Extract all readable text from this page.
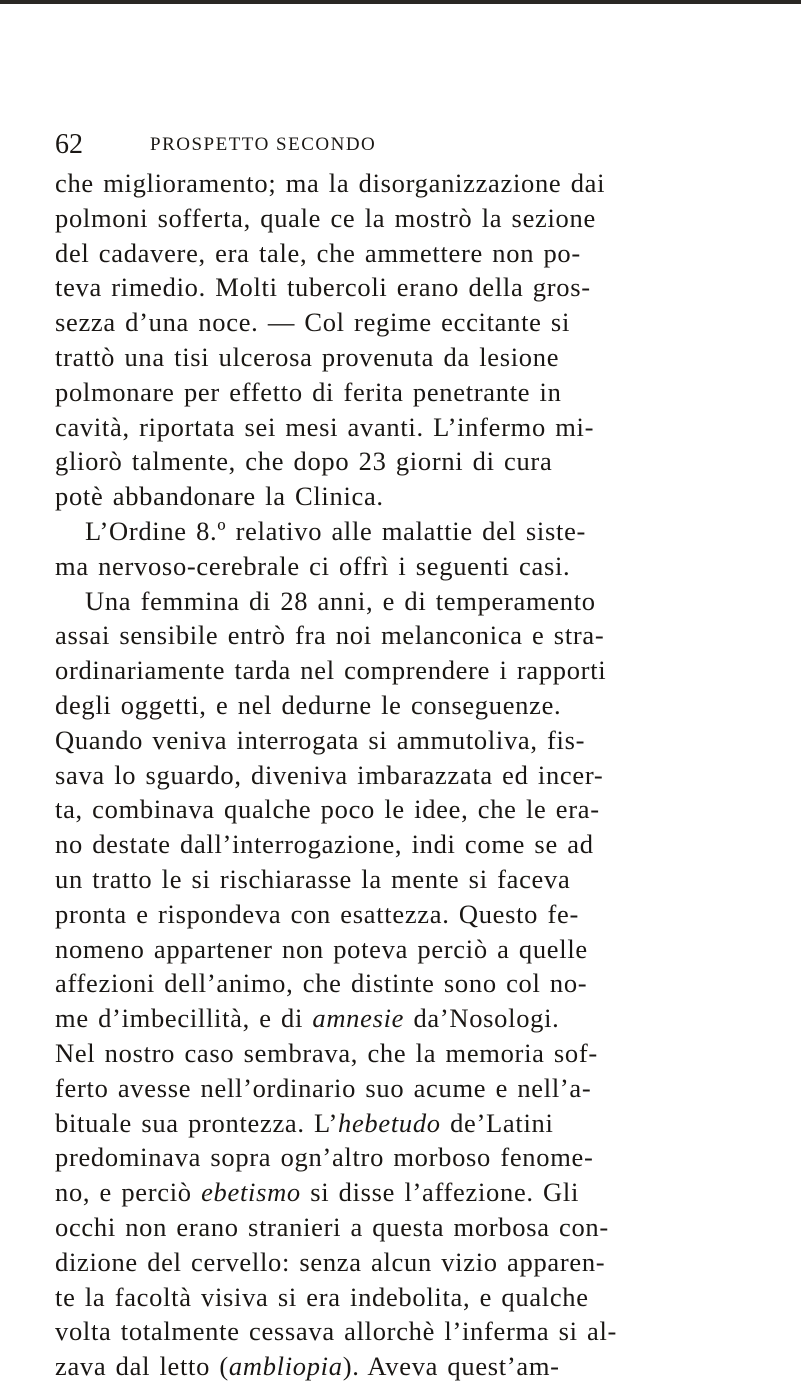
62	PROSPETTO SECONDO
che miglioramento; ma la disorganizzazione dai
polmoni sofferta, quale ce la mostrò la sezione
del cadavere, era tale, che ammettere non po-
teva rimedio. Molti tubercoli erano della gros-
sezza d’una noce. — Col regime eccitante si
trattò una tisi ulcerosa provenuta da lesione
polmonare per effetto di ferita penetrante in
cavità, riportata sei mesi avanti. L’infermo mi-
gliorò talmente, che dopo 23 giorni di cura
potè abbandonare la Clinica.
L’Ordine 8.º relativo alle malattie del siste-
ma nervoso-cerebrale ci offrì i seguenti casi.
Una femmina di 28 anni, e di temperamento
assai sensibile entrò fra noi melanconica e stra-
ordinariamente tarda nel comprendere i rapporti
degli oggetti, e nel dedurne le conseguenze.
Quando veniva interrogata si ammutoliva, fis-
sava lo sguardo, diveniva imbarazzata ed incer-
ta, combinava qualche poco le idee, che le era-
no destate dall’interrogazione, indi come se ad
un tratto le si rischiarasse la mente si faceva
pronta e rispondeva con esattezza. Questo fe-
nomeno appartener non poteva perciò a quelle
affezioni dell’animo, che distinte sono col no-
me d’imbecillità, e di amnesie da’Nosologi.
Nel nostro caso sembrava, che la memoria sof-
ferto avesse nell’ordinario suo acume e nell’a-
bituale sua prontezza. L’hebetudo de’Latini
predominava sopra ogn’altro morboso fenome-
no, e perciò ebetismo si disse l’affezione. Gli
occhi non erano stranieri a questa morbosa con-
dizione del cervello: senza alcun vizio apparen-
te la facoltà visiva si era indebolita, e qualche
volta totalmente cessava allorchè l’inferma si al-
zava dal letto (ambliopia). Aveva quest’am-
